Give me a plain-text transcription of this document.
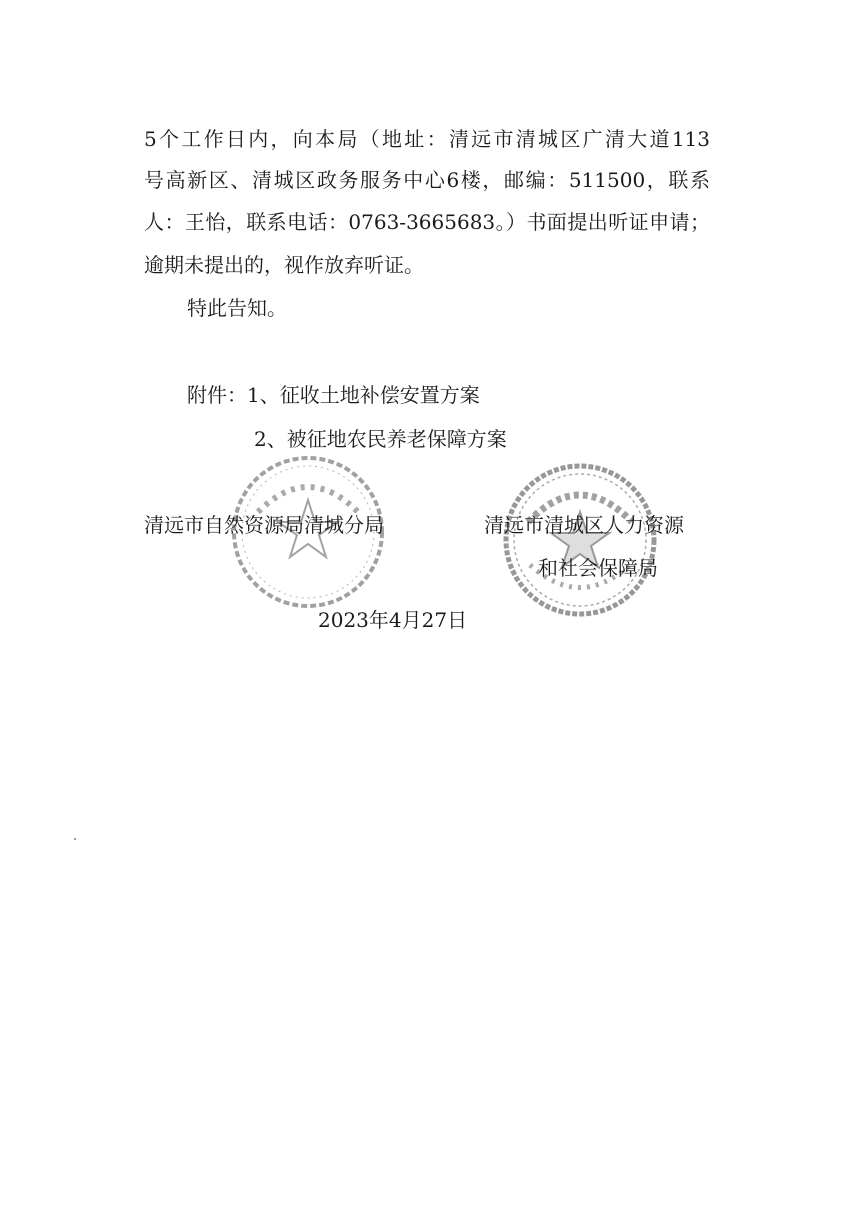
5个工作日内，向本局（地址：清远市清城区广清大道113
号高新区、清城区政务服务中心6楼，邮编：511500，联系
人：王怡，联系电话：0763-3665683。）书面提出听证申请；
逾期未提出的，视作放弃听证。
特此告知。
附件：1、征收土地补偿安置方案
2、被征地农民养老保障方案
清远市自然资源局清城分局	清远市清城区人力资源
和社会保障局
2023年4月27日
